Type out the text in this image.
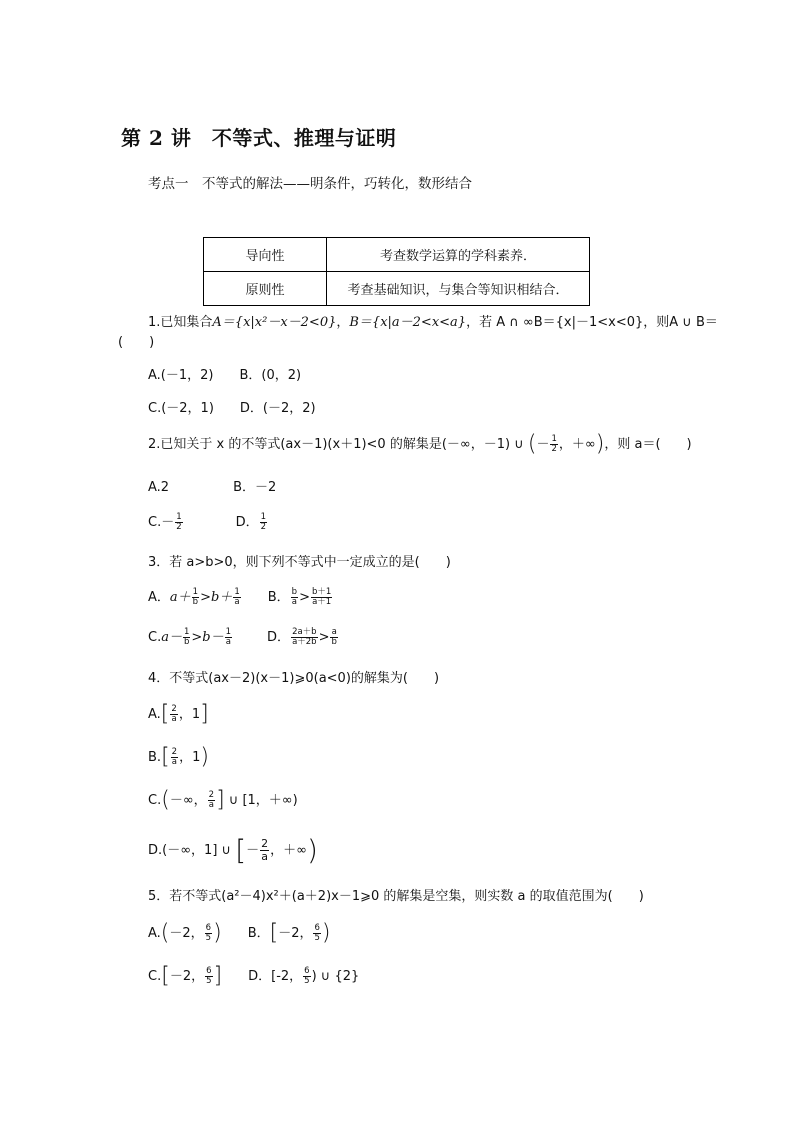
第 2 讲　不等式、推理与证明
考点一　不等式的解法——明条件，巧转化，数形结合
导向性	考查数学运算的学科素养．
原则性	考查基础知识，与集合等知识相结合．
1.已知集合A＝{x|x²－x－2<0}，B＝{x|a－2<x<a}，若 A ∩ ∞B＝{x|－1<x<0}，则A ∪ B＝
(　　)
A.(－1，2) B．(0，2)
C.(－2，1) D．(－2，2)
2.已知关于 x 的不等式(ax－1)(x＋1)<0 的解集是(－∞，－1) ∪ (－ $\frac{1}{2}$ ，＋∞)，则 a＝(　　)
A.2	B．－2
$C.- \frac{1}{2}$	D． $\frac{1}{2}$
3．若 a>b>0，则下列不等式中一定成立的是(　　)
A．$a+ \frac{1}{b} >b+ \frac{1}{a}$ B． $\frac{b}{a} > \frac{b+1}{a+1}$
$C.a- \frac{1}{b} >b- \frac{1}{a}$	D． $\frac{2a+b}{a+2b} > \frac{a}{b}$
4．不等式(ax－2)(x－1)⩾0(a<0)的解集为(　　)
$A.[ \frac{2}{a}$ ，1]
$B.[ \frac{2}{a}$ ，1)
C.(－∞， $\frac{2}{a}$ ] ∪ [1，＋∞)
D.(－∞，1] ∪ [－ $\frac{2}{a}$ ，＋∞)
5．若不等式(a²－4)x²＋(a＋2)x－1⩾0 的解集是空集，则实数 a 的取值范围为(　　)
A.(－2， $\frac{6}{5}$ ) B．[－2， $\frac{6}{5}$ )
C.[－2， $\frac{6}{5}$ ] D．[-2， $\frac{6}{5}$ ) ∪ {2}
